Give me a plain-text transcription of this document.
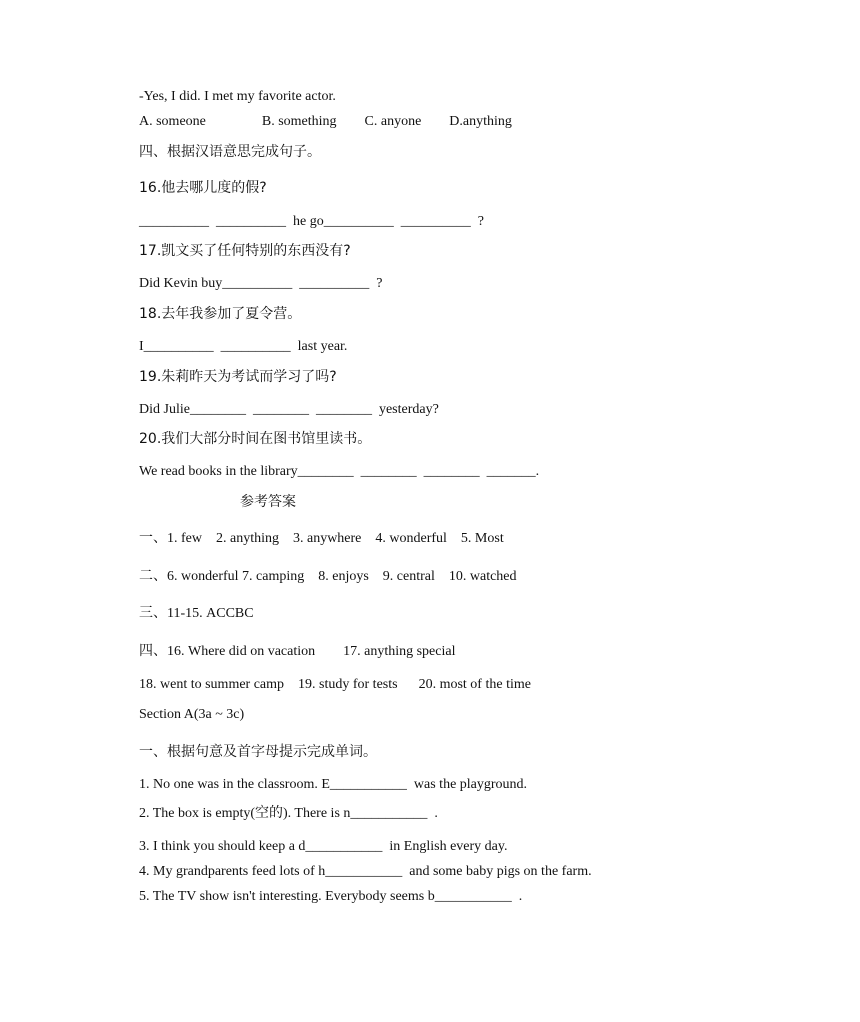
-Yes, I did. I met my favorite actor.
A. someone                B. something        C. anyone        D.anything
四、根据汉语意思完成句子。
16.他去哪儿度的假?
__________  __________  he go__________  __________  ?
17.凯文买了任何特别的东西没有?
Did Kevin buy__________  __________  ?
18.去年我参加了夏令营。
I__________  __________  last year.
19.朱莉昨天为考试而学习了吗?
Did Julie________  ________  ________  yesterday?
20.我们大部分时间在图书馆里读书。
We read books in the library________  ________  ________  _______.
参考答案
一、1. few    2. anything    3. anywhere    4. wonderful    5. Most
二、6. wonderful 7. camping    8. enjoys    9. central    10. watched
三、11-15. ACCBC
四、16. Where did on vacation        17. anything special
18. went to summer camp    19. study for tests      20. most of the time
Section A(3a ~ 3c)
一、根据句意及首字母提示完成单词。
1. No one was in the classroom. E___________  was the playground.
2. The box is empty(空的). There is n___________  .
3. I think you should keep a d___________  in English every day.
4. My grandparents feed lots of h___________  and some baby pigs on the farm.
5. The TV show isn't interesting. Everybody seems b___________  .
